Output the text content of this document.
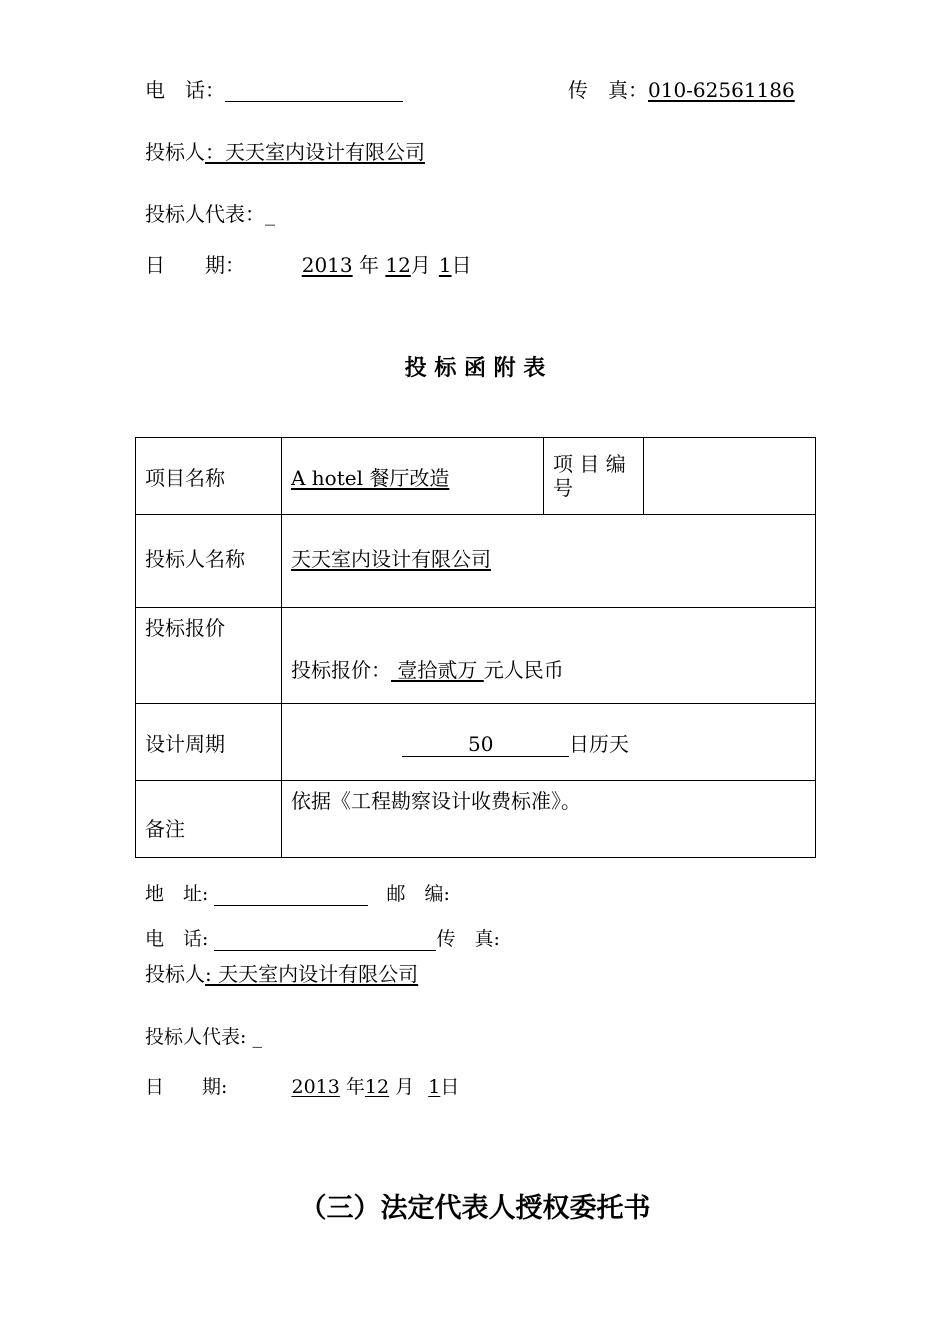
电　话：	传　真：010-62561186
投标人：天天室内设计有限公司
投标人代表：_
日　　期：	2013 年 12月 1日
投 标 函 附 表
项目名称	A hotel 餐厅改造	项 目 编 号	
投标人名称	天天室内设计有限公司		
投标报价	投标报价： 壹拾贰万 元人民币		
设计周期	50 日历天		
备注	依据《工程勘察设计收费标准》。		
地　址:	邮　编:
电　话:	传　真:
投标人: 天天室内设计有限公司
投标人代表: _
日　　期:	2013 年12 月 1日
（三）法定代表人授权委托书
